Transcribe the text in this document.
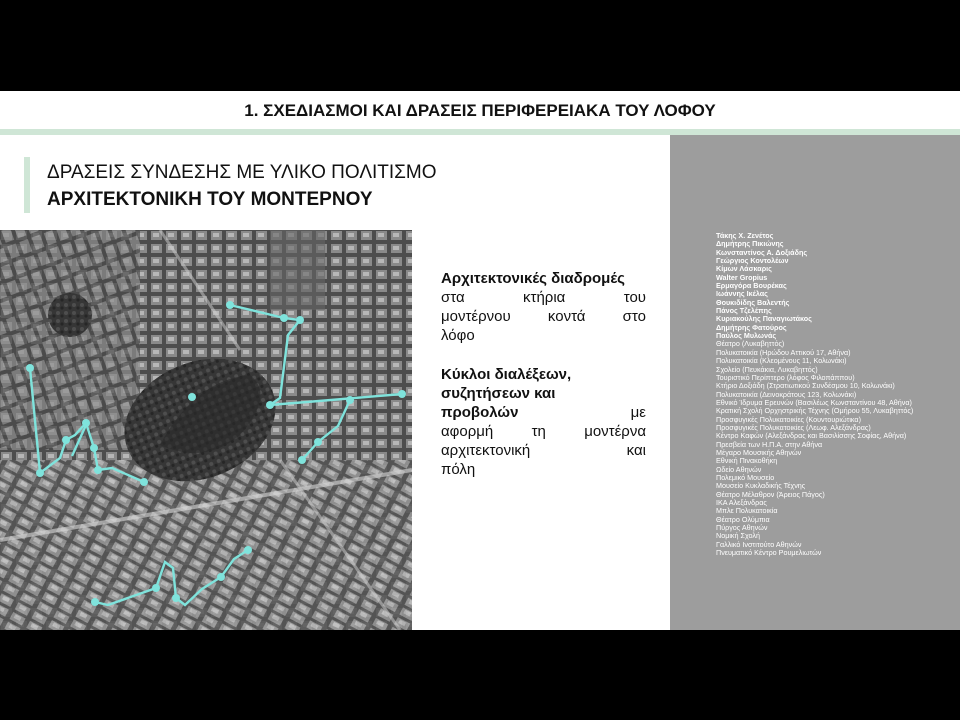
1. ΣΧΕΔΙΑΣΜΟΙ ΚΑΙ ΔΡΑΣΕΙΣ ΠΕΡΙΦΕΡΕΙΑΚΑ ΤΟΥ ΛΟΦΟΥ
ΔΡΑΣΕΙΣ ΣΥΝΔΕΣΗΣ ΜΕ ΥΛΙΚΟ ΠΟΛΙΤΙΣΜΟ
ΑΡΧΙΤΕΚΤΟΝΙΚΗ ΤΟΥ ΜΟΝΤΕΡΝΟΥ
Αρχιτεκτονικές διαδρομές
στα κτήρια του
μοντέρνου κοντά στο
λόφο
Κύκλοι διαλέξεων,
συζητήσεων και
προβολών	με
αφορμή τη μοντέρνα
αρχιτεκτονική και
πόλη
Τάκης Χ. Ζενέτος
Δημήτρης Πικιώνης
Κωνσταντίνος Α. Δοξιάδης
Γεώργιος Κοντολέων
Κίμων Λάσκαρις
Walter Gropius
Ερμαγόρα Βουρέκας
Ιωάννης Ικέλας
Θουκιδίδης Βαλεντής
Πάνος Τζελέπης
Κυριακούλης Παναγιωτάκος
Δημήτρης Φατούρος
Παύλος Μυλωνάς
Θέατρο (Λυκαβηττός)
Πολυκατοικία (Ηρώδου Αττικού 17, Αθήνα)
Πολυκατοικία (Κλεομένους 11, Κολωνάκι)
Σχολείο (Πευκάκια, Λυκαβηττός)
Τουριστικό Περίπτερο (λόφος Φιλοπάππου)
Κτήριο Δοξιάδη (Στρατιωτικού Συνδέσμου 10, Κολωνάκι)
Πολυκατοικία (Δεινοκράτους 123, Κολωνάκι)
Εθνικό Ίδρυμα Ερευνών (Βασιλέως Κωνσταντίνου 48, Αθήνα)
Κρατική Σχολή Ορχηστρικής Τέχνης (Ομήρου 55, Λυκαβηττός)
Προσφυγικές Πολυκατοικίες (Κουντουριώτικα)
Προσφυγικές Πολυκατοικίες (Λεωφ. Αλεξάνδρας)
Κέντρο Καφών (Αλεξάνδρας και Βασιλίσσης Σοφίας, Αθήνα)
Πρεσβεία των Η.Π.Α. στην Αθήνα
Μέγαρο Μουσικής Αθηνών
Εθνική Πινακοθήκη
Ωδείο Αθηνών
Πολεμικό Μουσείο
Μουσείο Κυκλαδικής Τέχνης
Θέατρο Μέλαθρον (Άρειος Πάγος)
ΙΚΑ Αλεξάνδρας
Μπλε Πολυκατοικία
Θέατρο Ολύμπια
Πύργος Αθηνών
Νομική Σχολή
Γαλλικό Ινστιτούτο Αθηνών
Πνευματικό Κέντρο Ρουμελιωτών
